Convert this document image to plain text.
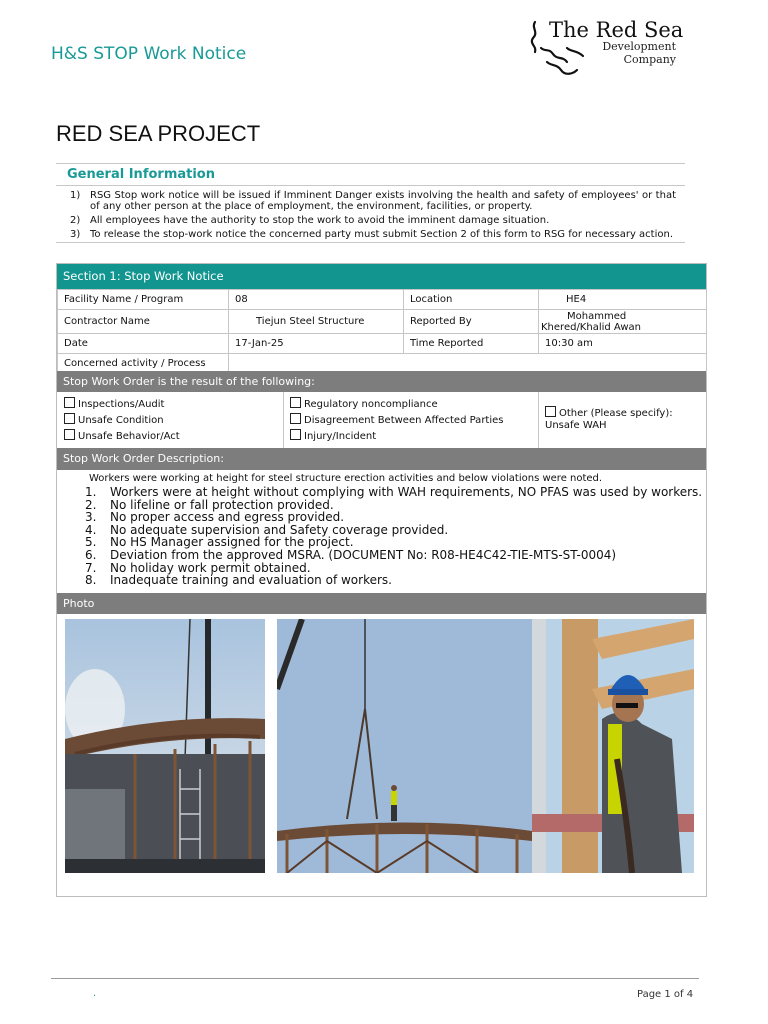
H&S STOP Work Notice
The Red Sea
Development
Company
RED SEA PROJECT
General Information
1) RSG Stop work notice will be issued if Imminent Danger exists involving the health and safety of employees' or that of any other person at the place of employment, the environment, facilities, or property.
2) All employees have the authority to stop the work to avoid the imminent damage situation.
3) To release the stop-work notice the concerned party must submit Section 2 of this form to RSG for necessary action.
Section 1: Stop Work Notice
Facility Name / Program	08	Location	HE4
Contractor Name	Tiejun Steel Structure	Reported By	Mohammed
Khered/Khalid Awan

Date	17-Jan-25	Time Reported	10:30 am
Concerned activity / Process			
Stop Work Order is the result of the following:
Inspections/Audit
Unsafe Condition
Unsafe Behavior/Act
Regulatory noncompliance
Disagreement Between Affected Parties
Injury/Incident
Other (Please specify):
Unsafe WAH
Stop Work Order Description:
Workers were working at height for steel structure erection activities and below violations were noted.
1. Workers were at height without complying with WAH requirements, NO PFAS was used by workers.
2. No lifeline or fall protection provided.
3. No proper access and egress provided.
4. No adequate supervision and Safety coverage provided.
5. No HS Manager assigned for the project.
6. Deviation from the approved MSRA. (DOCUMENT No: R08-HE4C42-TIE-MTS-ST-0004)
7. No holiday work permit obtained.
8. Inadequate training and evaluation of workers.
Photo
.	Page 1 of 4
